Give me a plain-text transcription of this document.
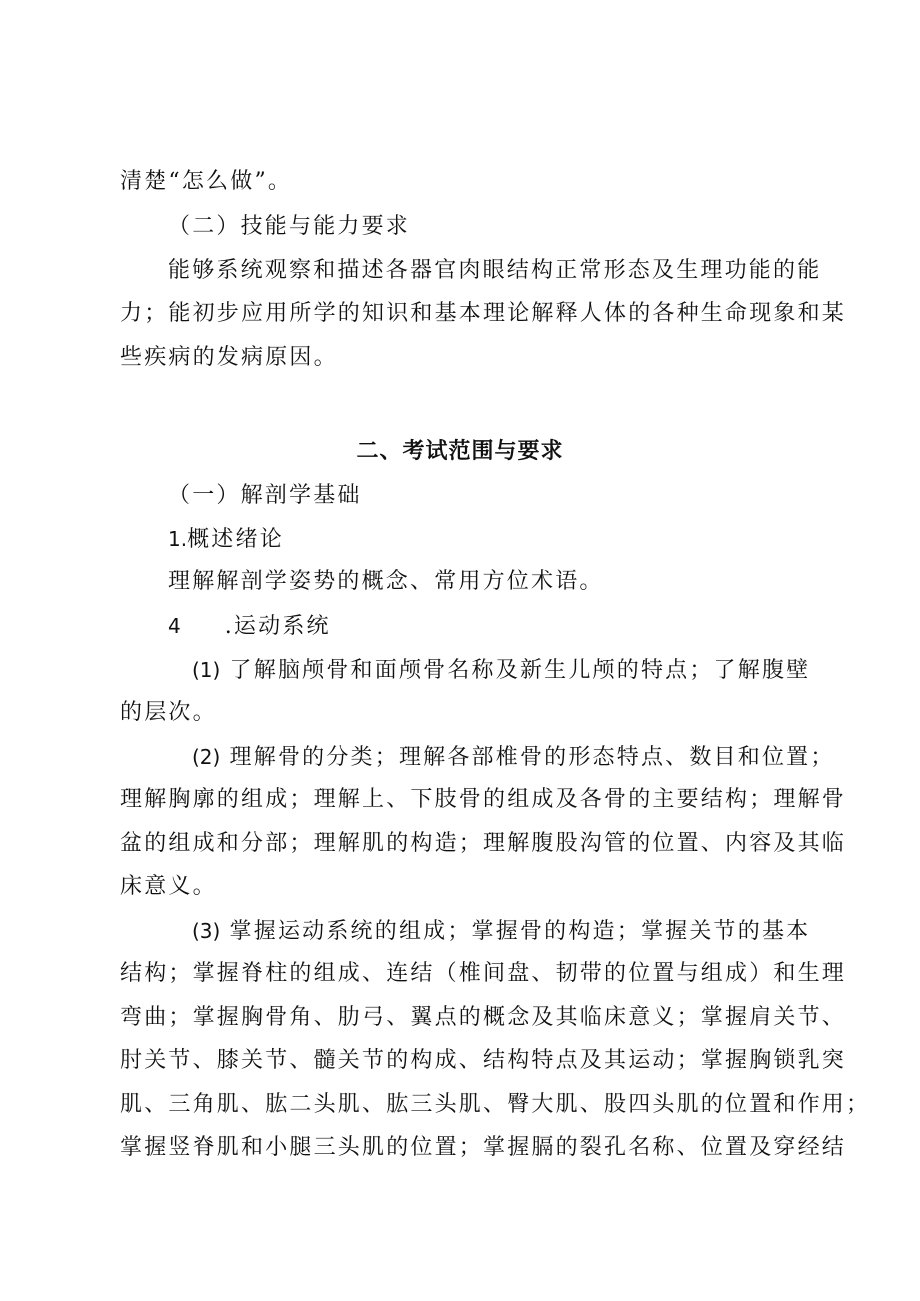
清楚“怎么做”。
（二）技能与能力要求
能够系统观察和描述各器官肉眼结构正常形态及生理功能的能
力；能初步应用所学的知识和基本理论解释人体的各种生命现象和某
些疾病的发病原因。
二、考试范围与要求
（一）解剖学基础
1.概述绪论
理解解剖学姿势的概念、常用方位术语。
4 .运动系统
(1) 了解脑颅骨和面颅骨名称及新生儿颅的特点；了解腹壁
的层次。
(2) 理解骨的分类；理解各部椎骨的形态特点、数目和位置；
理解胸廓的组成；理解上、下肢骨的组成及各骨的主要结构；理解骨
盆的组成和分部；理解肌的构造；理解腹股沟管的位置、内容及其临
床意义。
(3) 掌握运动系统的组成；掌握骨的构造；掌握关节的基本
结构；掌握脊柱的组成、连结（椎间盘、韧带的位置与组成）和生理
弯曲；掌握胸骨角、肋弓、翼点的概念及其临床意义；掌握肩关节、
肘关节、膝关节、髓关节的构成、结构特点及其运动；掌握胸锁乳突
肌、三角肌、肱二头肌、肱三头肌、臀大肌、股四头肌的位置和作用；
掌握竖脊肌和小腿三头肌的位置；掌握膈的裂孔名称、位置及穿经结
